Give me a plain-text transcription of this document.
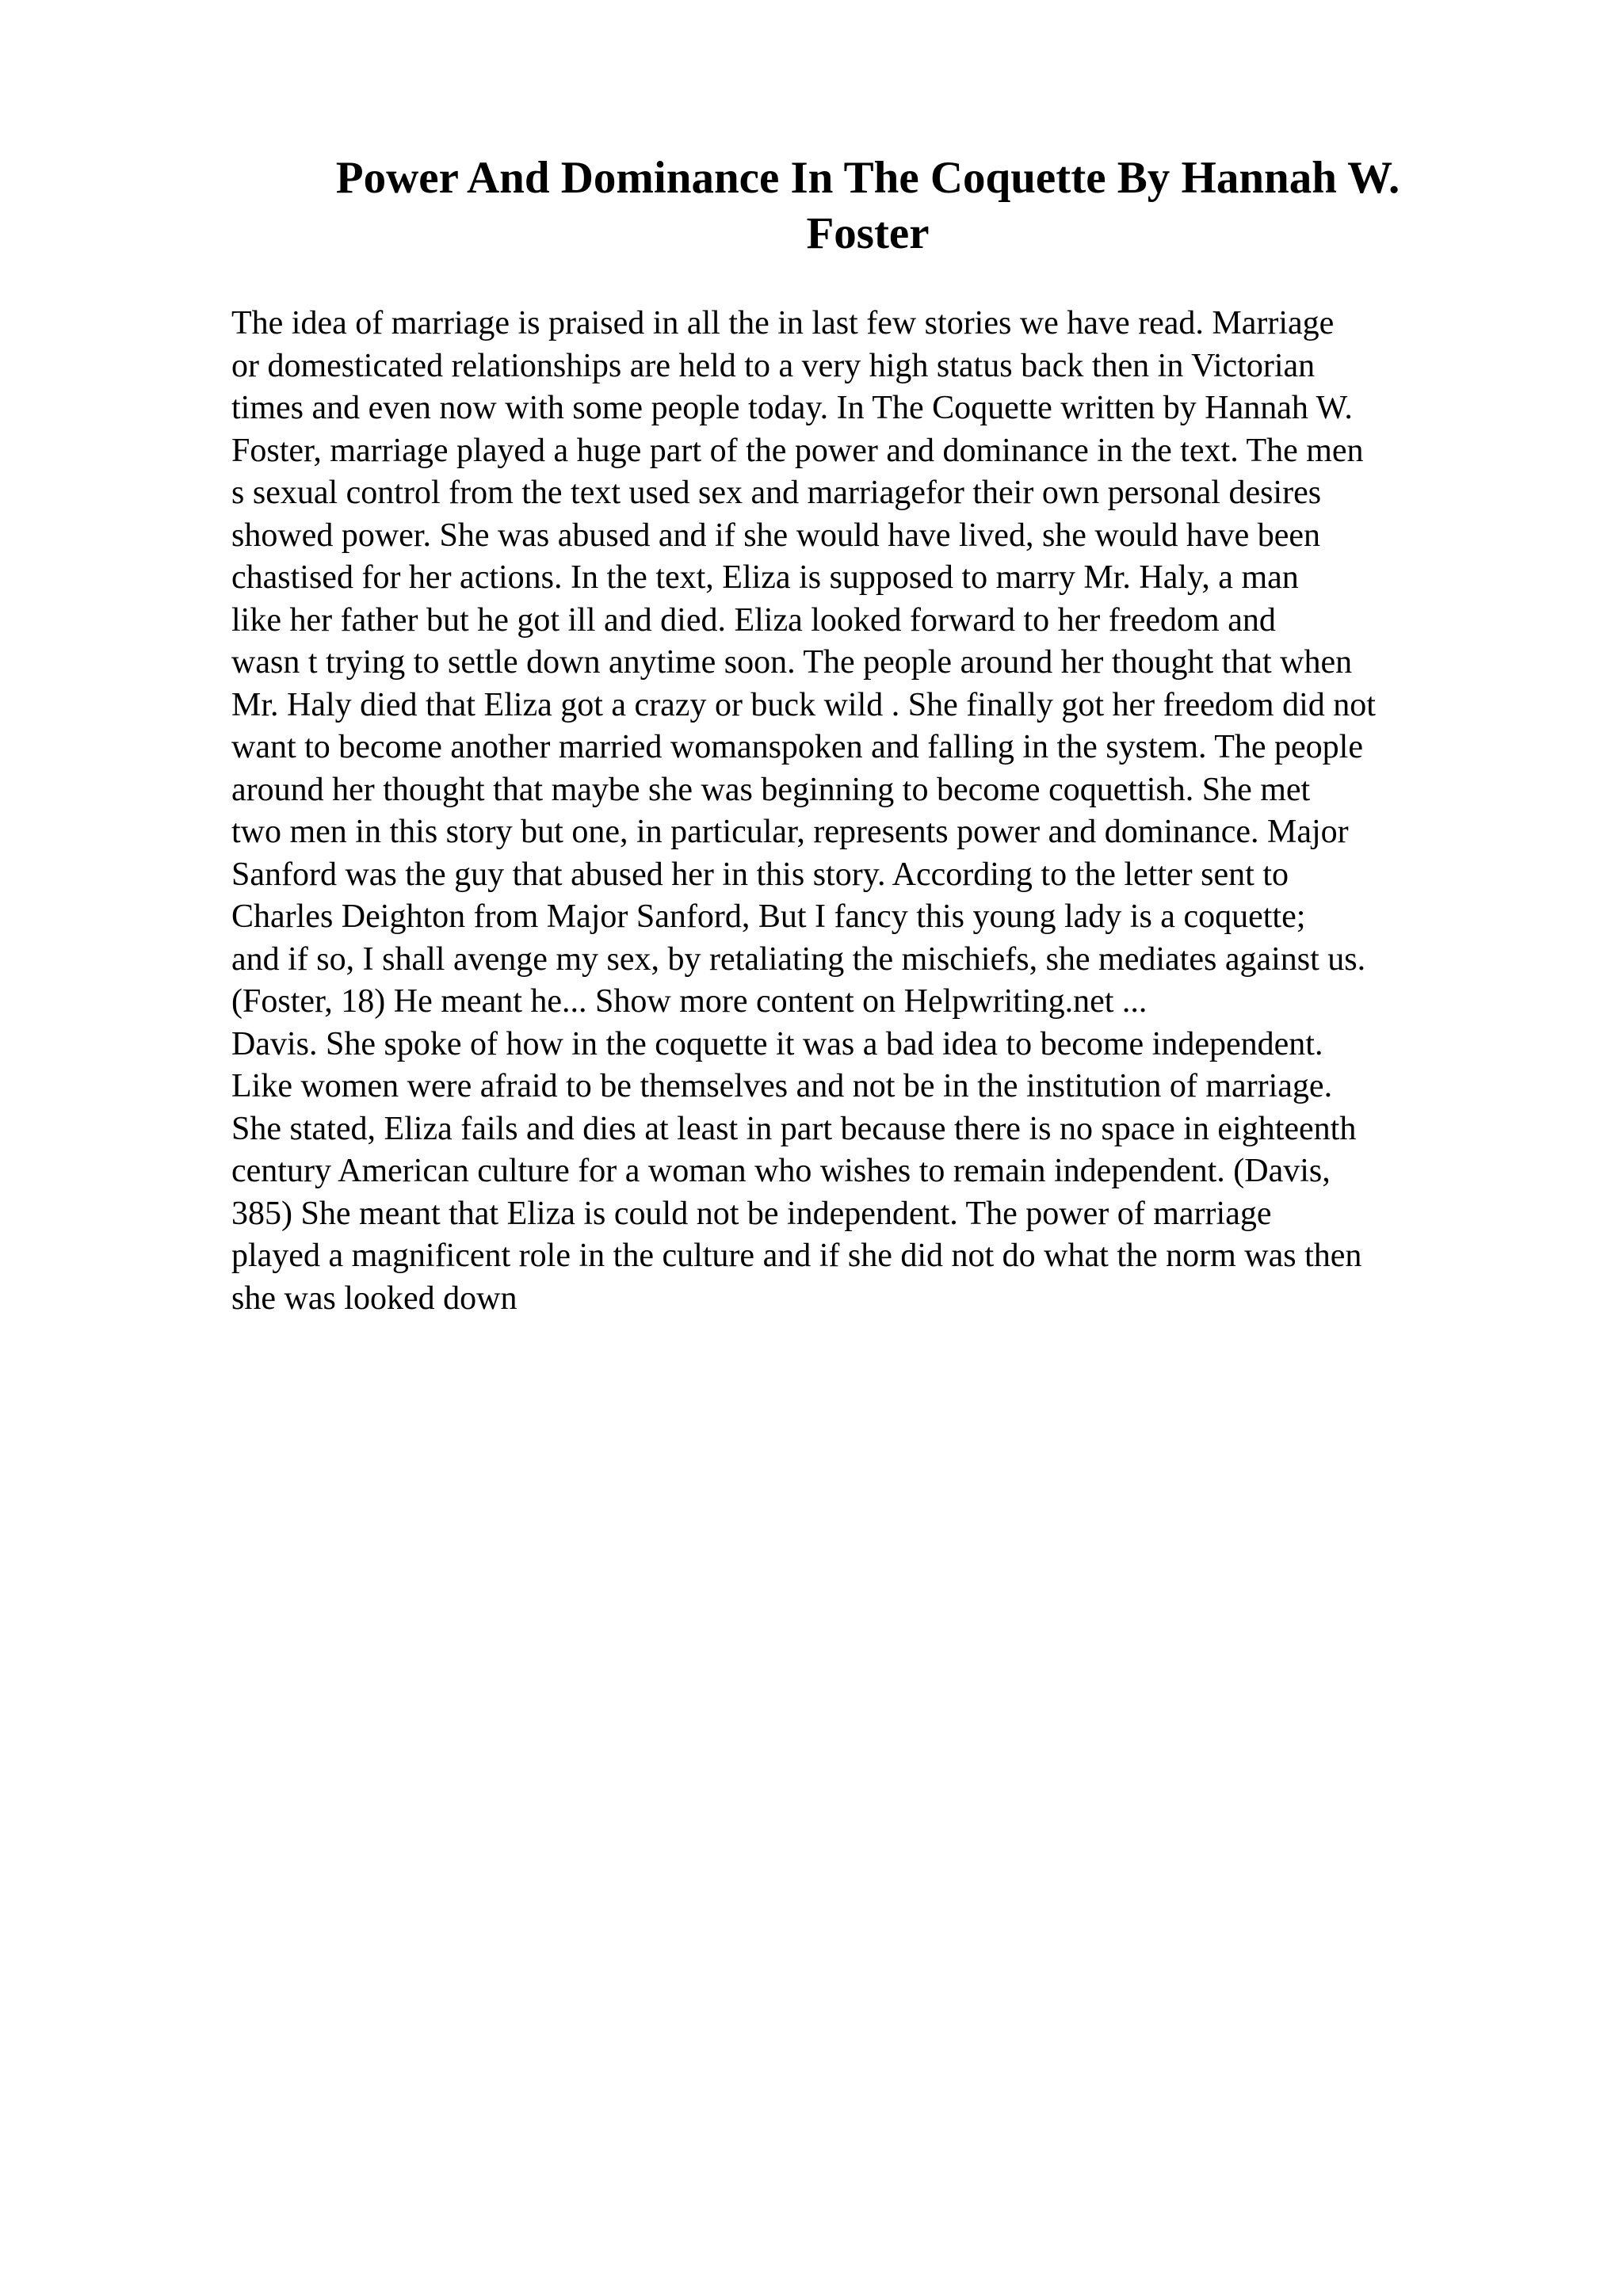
Power And Dominance In The Coquette By Hannah W.
Foster
The idea of marriage is praised in all the in last few stories we have read. Marriage
or domesticated relationships are held to a very high status back then in Victorian
times and even now with some people today. In The Coquette written by Hannah W.
Foster, marriage played a huge part of the power and dominance in the text. The men
s sexual control from the text used sex and marriagefor their own personal desires
showed power. She was abused and if she would have lived, she would have been
chastised for her actions. In the text, Eliza is supposed to marry Mr. Haly, a man
like her father but he got ill and died. Eliza looked forward to her freedom and
wasn t trying to settle down anytime soon. The people around her thought that when
Mr. Haly died that Eliza got a crazy or buck wild . She finally got her freedom did not
want to become another married womanspoken and falling in the system. The people
around her thought that maybe she was beginning to become coquettish. She met
two men in this story but one, in particular, represents power and dominance. Major
Sanford was the guy that abused her in this story. According to the letter sent to
Charles Deighton from Major Sanford, But I fancy this young lady is a coquette;
and if so, I shall avenge my sex, by retaliating the mischiefs, she mediates against us.
(Foster, 18) He meant he... Show more content on Helpwriting.net ...
Davis. She spoke of how in the coquette it was a bad idea to become independent.
Like women were afraid to be themselves and not be in the institution of marriage.
She stated, Eliza fails and dies at least in part because there is no space in eighteenth
century American culture for a woman who wishes to remain independent. (Davis,
385) She meant that Eliza is could not be independent. The power of marriage
played a magnificent role in the culture and if she did not do what the norm was then
she was looked down
